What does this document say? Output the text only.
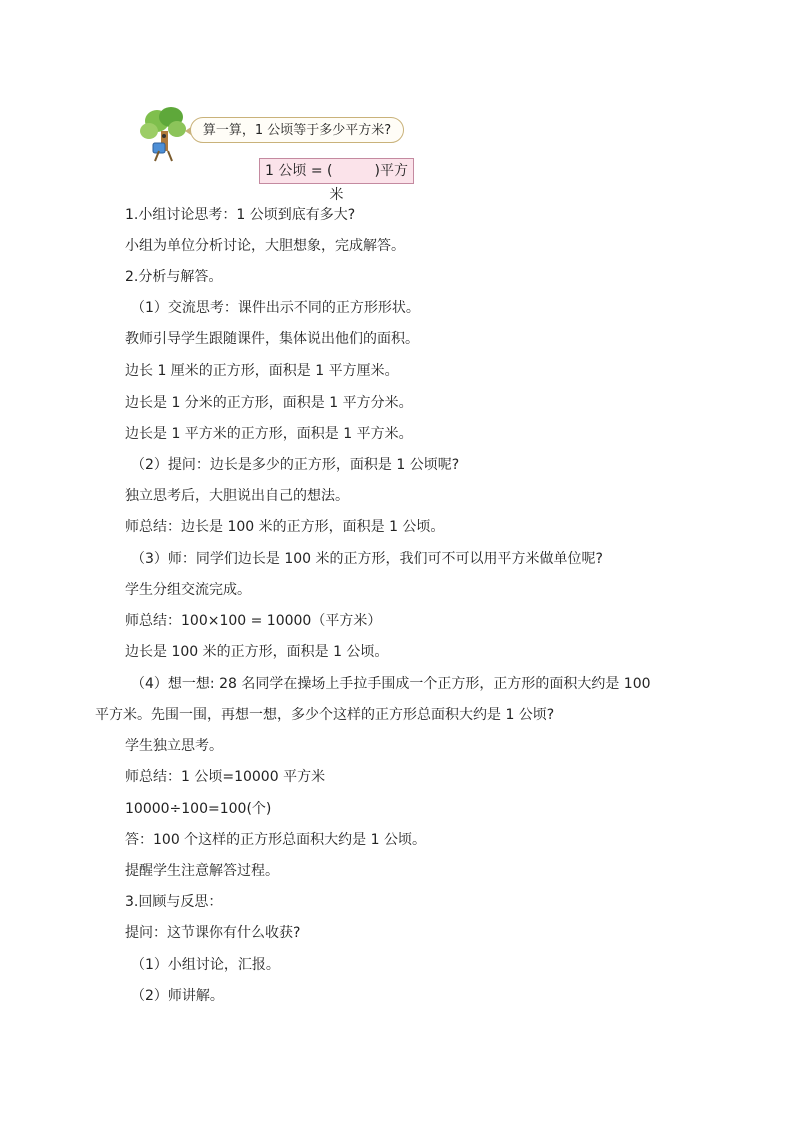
算一算，1 公顷等于多少平方米?
1 公顷 = (　　　)平方米
1.小组讨论思考：1 公顷到底有多大?
小组为单位分析讨论，大胆想象，完成解答。
2.分析与解答。
（1）交流思考：课件出示不同的正方形形状。
教师引导学生跟随课件，集体说出他们的面积。
边长 1 厘米的正方形，面积是 1 平方厘米。
边长是 1 分米的正方形，面积是 1 平方分米。
边长是 1 平方米的正方形，面积是 1 平方米。
（2）提问：边长是多少的正方形，面积是 1 公顷呢?
独立思考后，大胆说出自己的想法。
师总结：边长是 100 米的正方形，面积是 1 公顷。
（3）师：同学们边长是 100 米的正方形，我们可不可以用平方米做单位呢?
学生分组交流完成。
师总结：100×100 = 10000（平方米）
边长是 100 米的正方形，面积是 1 公顷。
（4）想一想: 28 名同学在操场上手拉手围成一个正方形，正方形的面积大约是 100
平方米。先围一围，再想一想，多少个这样的正方形总面积大约是 1 公顷?
学生独立思考。
师总结：1 公顷=10000 平方米
10000÷100=100(个)
答：100 个这样的正方形总面积大约是 1 公顷。
提醒学生注意解答过程。
3.回顾与反思：
提问：这节课你有什么收获?
（1）小组讨论，汇报。
（2）师讲解。
